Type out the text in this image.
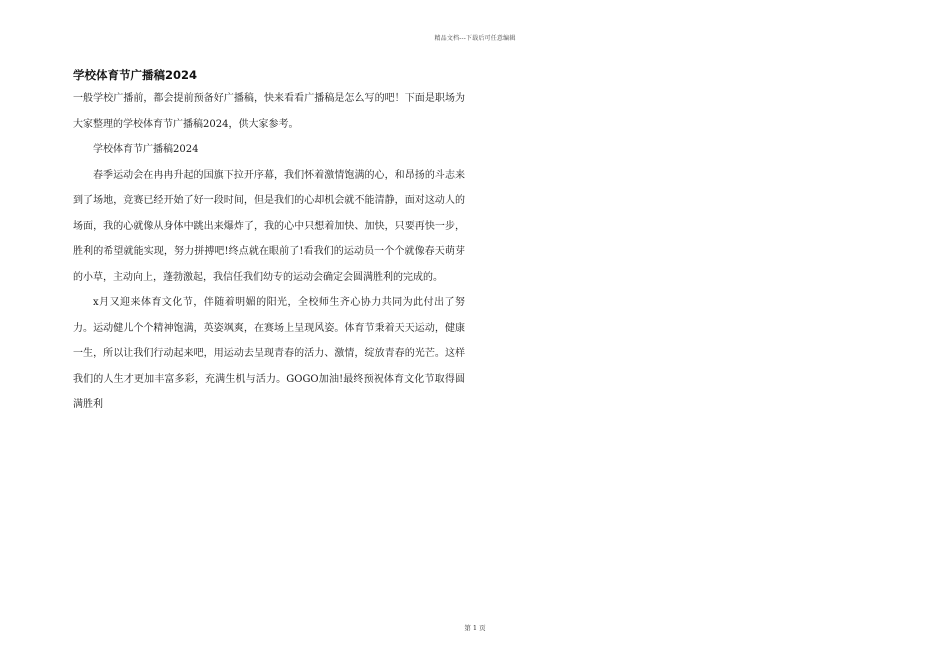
精品文档---下载后可任意编辑
学校体育节广播稿2024

一般学校广播前，都会提前预备好广播稿，快来看看广播稿是怎么写的吧！下面是职场为大家整理的学校体育节广播稿2024，供大家参考。

学校体育节广播稿2024

春季运动会在冉冉升起的国旗下拉开序幕，我们怀着激情饱满的心，和昂扬的斗志来到了场地，竞赛已经开始了好一段时间，但是我们的心却机会就不能清静，面对这动人的场面，我的心就像从身体中跳出来爆炸了，我的心中只想着加快、加快，只要再快一步，胜利的希望就能实现，努力拼搏吧!终点就在眼前了!看我们的运动员一个个就像春天萌芽的小草，主动向上，蓬勃激起，我信任我们幼专的运动会确定会圆满胜利的完成的。

x月又迎来体育文化节，伴随着明媚的阳光，全校师生齐心协力共同为此付出了努力。运动健儿个个精神饱满，英姿飒爽，在赛场上呈现风姿。体育节秉着天天运动，健康一生，所以让我们行动起来吧，用运动去呈现青春的活力、激情，绽放青春的光芒。这样我们的人生才更加丰富多彩，充满生机与活力。GOGO加油!最终预祝体育文化节取得圆满胜利

第 1 页
